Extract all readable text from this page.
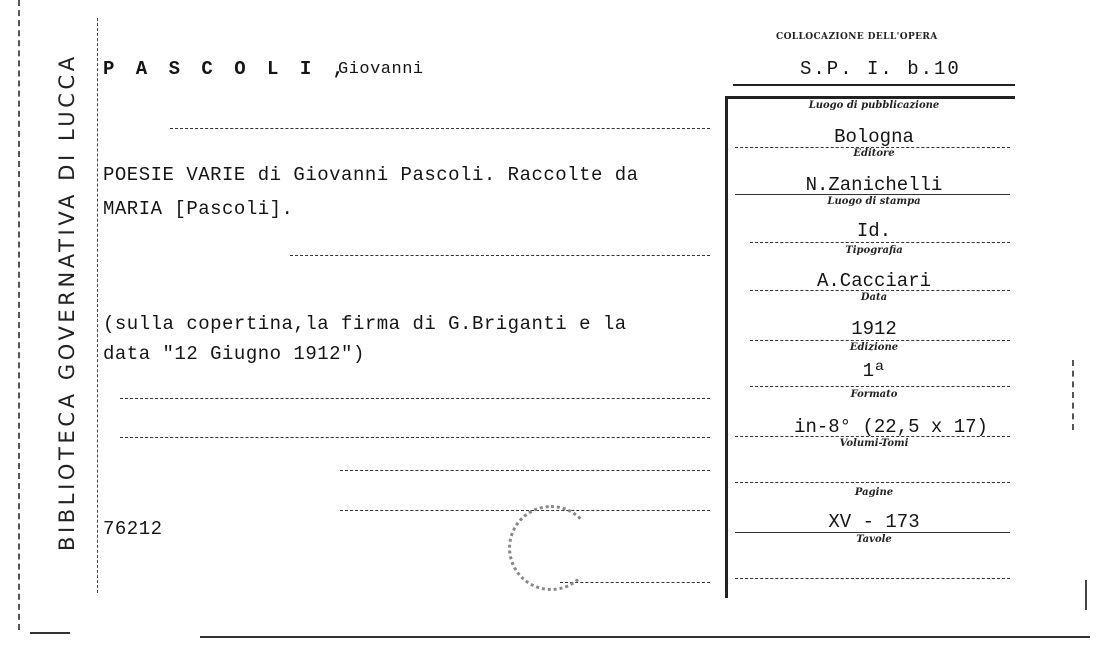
BIBLIOTECA GOVERNATIVA DI LUCCA	P A S C O L I ,
Giovanni
POESIE VARIE di Giovanni Pascoli. Raccolte da
MARIA [Pascoli].
(sulla copertina,la firma di G.Briganti e la
data "12 Giugno 1912")
76212
COLLOCAZIONE DELL'OPERA
S.P. I. b.10
Luogo di pubblicazione
Bologna
Editore
N.Zanichelli
Luogo di stampa
Id.
Tipografia
A.Cacciari
Data
1912
Edizione
1ª
Formato
in-8° (22,5 x 17)
Volumi-Tomi
Pagine
XV - 173
Tavole
